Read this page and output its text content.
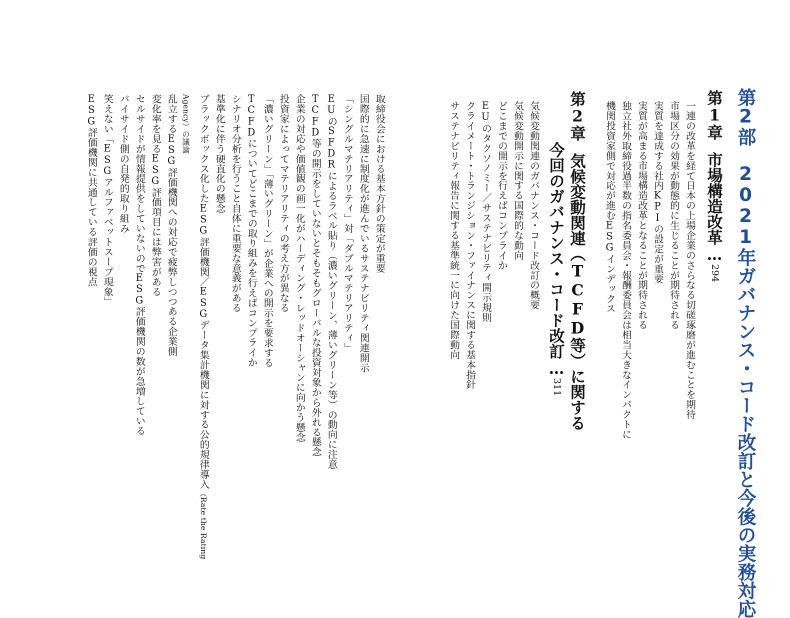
第2部2021年ガバナンス・コード改訂と今後の実務対応
第1章市場構造改革…294
一連の改革を経て日本の上場企業のさらなる切磋琢磨が進むことを期待
市場区分の効果が動態的に生じることが期待される
実質を達成する社内KPIの設定が重要
実質が高まる市場構造改革となることが期待される
独立社外取締役過半数の指名委員会・報酬委員会は相当大きなインパクトに
機関投資家側で対応が進むESGインデックス
第2章気候変動関連（TCFD等）に関する
今回のガバナンス・コード改訂…311
気候変動関連のガバナンス・コード改訂の概要
気候変動開示に関する国際的な動向
どこまでの開示を行えばコンプライか
EUのタクソノミー／サステナビリティ開示規則
クライメート・トランジション・ファイナンスに関する基本指針
サステナビリティ報告に関する基準統一に向けた国際動向
取締役会における基本方針の策定が重要
国際的に急速に制度化が進んでいるサステナビリティ関連開示
「シングルマテリアリティ」対「ダブルマテリアリティ」
EUのSFDRによるラベル貼り（濃いグリーン、薄いグリーン等）の動向に注意
TCFD等の開示をしていないとそもそもグローバルな投資対象から外れる懸念
企業の対応や価値観の画一化がハーディング・レッドオーシャンに向かう懸念
投資家によってマテリアリティの考え方が異なる
「濃いグリーン」「薄いグリーン」が企業への開示を要求する
TCFDについてどこまでの取り組みを行えばコンプライか
シナリオ分析を行うこと自体に重要な意義がある
基準化に伴う硬直化の懸念
ブラックボックス化したESG評価機関／ESGデータ集計機関に対する公的規律導入（Rate the Rating
Agency）の議論
乱立するESG評価機関への対応で疲弊しつつある企業側
変化率を見るESG評価項目には弊害がある
セルサイドが情報提供をしていないのでESG評価機関の数が急増している
バイサイド側の自発的取り組み
笑えない「ESGアルファベットスープ現象」
ESG評価機関に共通している評価の視点
